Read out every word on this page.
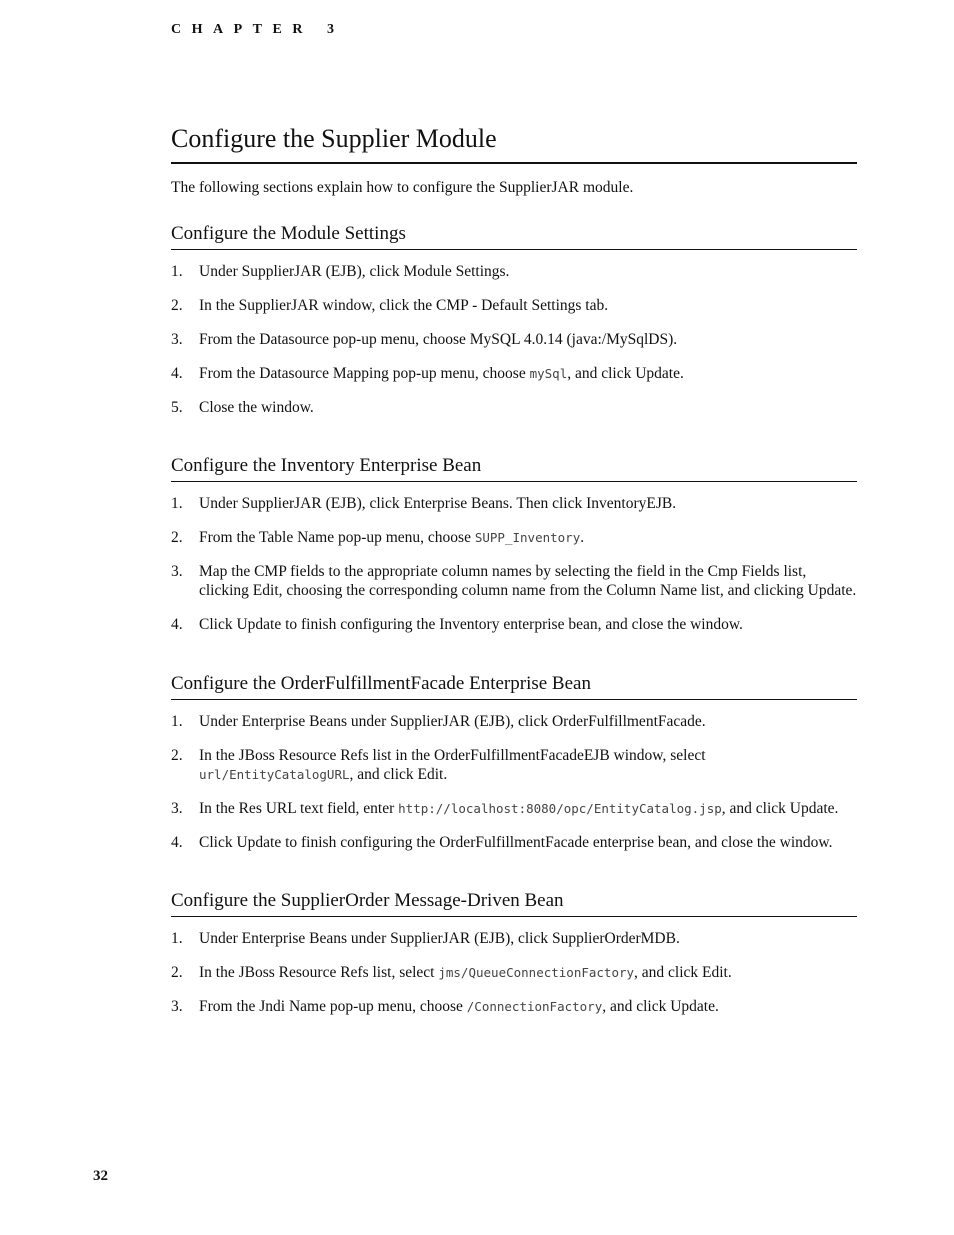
CHAPTER 3
Configure the Supplier Module

The following sections explain how to configure the SupplierJAR module.

Configure the Module Settings
1. Under SupplierJAR (EJB), click Module Settings.
2. In the SupplierJAR window, click the CMP - Default Settings tab.
3. From the Datasource pop-up menu, choose MySQL 4.0.14 (java:/MySqlDS).
4. From the Datasource Mapping pop-up menu, choose mySql, and click Update.
5. Close the window.
Configure the Inventory Enterprise Bean
1. Under SupplierJAR (EJB), click Enterprise Beans. Then click InventoryEJB.
2. From the Table Name pop-up menu, choose SUPP_Inventory.
3. Map the CMP fields to the appropriate column names by selecting the field in the Cmp Fields list, clicking Edit, choosing the corresponding column name from the Column Name list, and clicking Update.
4. Click Update to finish configuring the Inventory enterprise bean, and close the window.
Configure the OrderFulfillmentFacade Enterprise Bean
1. Under Enterprise Beans under SupplierJAR (EJB), click OrderFulfillmentFacade.
2. In the JBoss Resource Refs list in the OrderFulfillmentFacadeEJB window, select url/EntityCatalogURL, and click Edit.
3. In the Res URL text field, enter http://localhost:8080/opc/EntityCatalog.jsp, and click Update.
4. Click Update to finish configuring the OrderFulfillmentFacade enterprise bean, and close the window.
Configure the SupplierOrder Message-Driven Bean
1. Under Enterprise Beans under SupplierJAR (EJB), click SupplierOrderMDB.
2. In the JBoss Resource Refs list, select jms/QueueConnectionFactory, and click Edit.
3. From the Jndi Name pop-up menu, choose /ConnectionFactory, and click Update.
32
